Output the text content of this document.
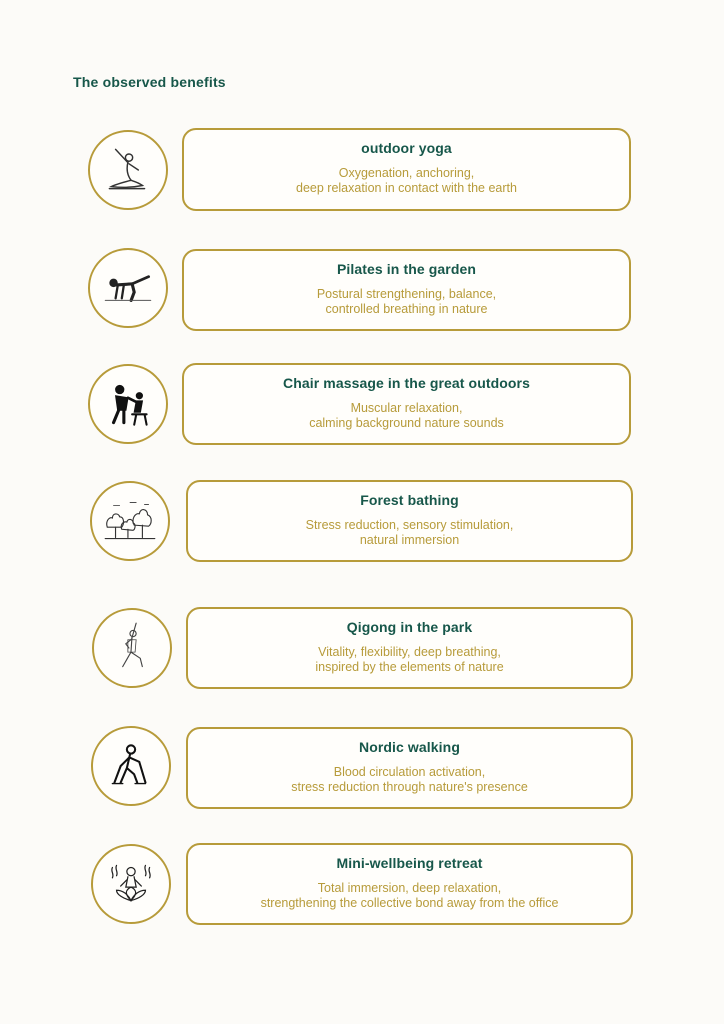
The observed benefits
outdoor yoga
Oxygenation, anchoring,
deep relaxation in contact with the earth
Pilates in the garden
Postural strengthening, balance,
controlled breathing in nature
Chair massage in the great outdoors
Muscular relaxation,
calming background nature sounds
Forest bathing
Stress reduction, sensory stimulation,
natural immersion
Qigong in the park
Vitality, flexibility, deep breathing,
inspired by the elements of nature
Nordic walking
Blood circulation activation,
stress reduction through nature's presence
Mini-wellbeing retreat
Total immersion, deep relaxation,
strengthening the collective bond away from the office
